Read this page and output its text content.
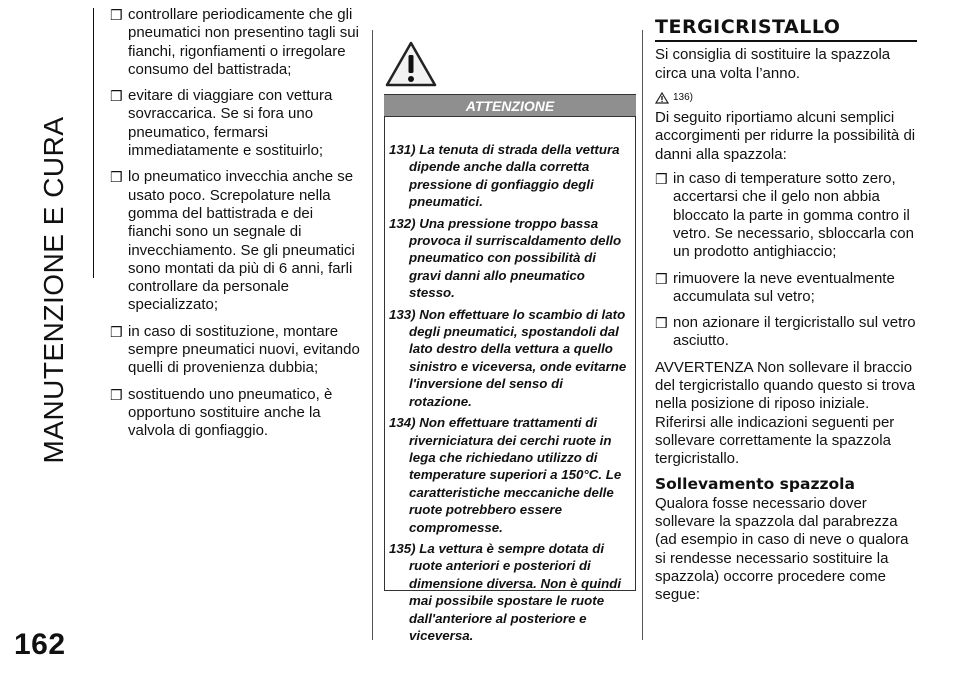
MANUTENZIONE E CURA
162
❒ controllare periodicamente che gli pneumatici non presentino tagli sui fianchi, rigonfiamenti o irregolare consumo del battistrada;
❒ evitare di viaggiare con vettura sovraccarica. Se si fora uno pneumatico, fermarsi immediatamente e sostituirlo;
❒ lo pneumatico invecchia anche se usato poco. Screpolature nella gomma del battistrada e dei fianchi sono un segnale di invecchiamento. Se gli pneumatici sono montati da più di 6 anni, farli controllare da personale specializzato;
❒ in caso di sostituzione, montare sempre pneumatici nuovi, evitando quelli di provenienza dubbia;
❒ sostituendo uno pneumatico, è opportuno sostituire anche la valvola di gonfiaggio.
ATTENZIONE
131) La tenuta di strada della vettura dipende anche dalla corretta pressione di gonfiaggio degli pneumatici.
132) Una pressione troppo bassa provoca il surriscaldamento dello pneumatico con possibilità di gravi danni allo pneumatico stesso.
133) Non effettuare lo scambio di lato degli pneumatici, spostandoli dal lato destro della vettura a quello sinistro e viceversa, onde evitarne l'inversione del senso di rotazione.
134) Non effettuare trattamenti di riverniciatura dei cerchi ruote in lega che richiedano utilizzo di temperature superiori a 150°C. Le caratteristiche meccaniche delle ruote potrebbero essere compromesse.
135) La vettura è sempre dotata di ruote anteriori e posteriori di dimensione diversa. Non è quindi mai possibile spostare le ruote dall'anteriore al posteriore e viceversa.
TERGICRISTALLO

Si consiglia di sostituire la spazzola circa una volta l’anno.

136)

Di seguito riportiamo alcuni semplici accorgimenti per ridurre la possibilità di danni alla spazzola:

❒ in caso di temperature sotto zero, accertarsi che il gelo non abbia bloccato la parte in gomma contro il vetro. Se necessario, sbloccarla con un prodotto antighiaccio;
❒ rimuovere la neve eventualmente accumulata sul vetro;
❒ non azionare il tergicristallo sul vetro asciutto.

AVVERTENZA Non sollevare il braccio del tergicristallo quando questo si trova nella posizione di riposo iniziale. Riferirsi alle indicazioni seguenti per sollevare correttamente la spazzola tergicristallo.

Sollevamento spazzola

Qualora fosse necessario dover sollevare la spazzola dal parabrezza (ad esempio in caso di neve o qualora si rendesse necessario sostituire la spazzola) occorre procedere come segue:
